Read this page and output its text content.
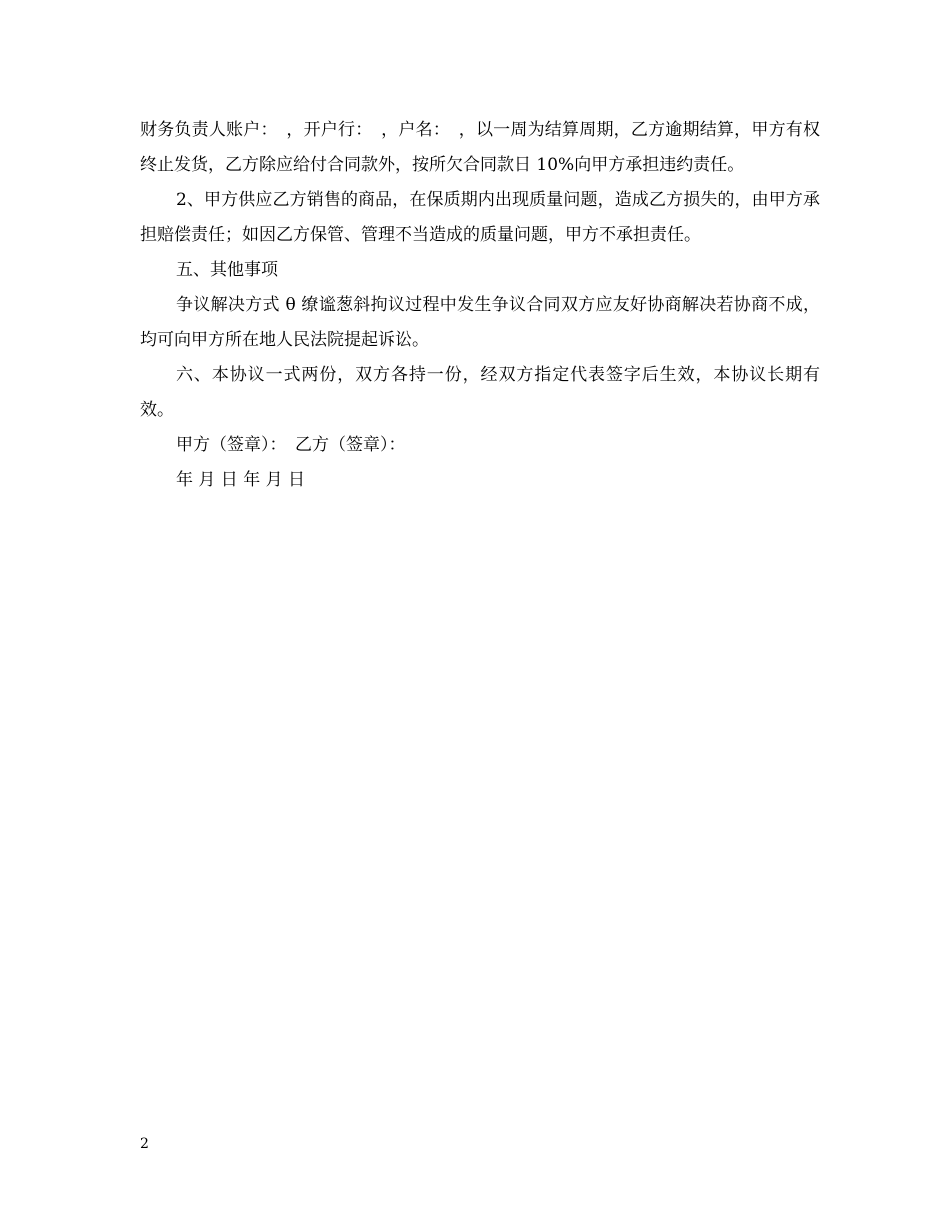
财务负责人账户：　，开户行：　，户名：　，以一周为结算周期，乙方逾期结算，甲方有权终止发货，乙方除应给付合同款外，按所欠合同款日 10%向甲方承担违约责任。

2、甲方供应乙方销售的商品，在保质期内出现质量问题，造成乙方损失的，由甲方承担赔偿责任；如因乙方保管、管理不当造成的质量问题，甲方不承担责任。

五、其他事项

争议解决方式 θ 缭谧葱斜拘议过程中发生争议合同双方应友好协商解决若协商不成，均可向甲方所在地人民法院提起诉讼。

六、本协议一式两份，双方各持一份，经双方指定代表签字后生效，本协议长期有效。

甲方（签章）：　乙方（签章）：

年 月 日 年 月 日

2
